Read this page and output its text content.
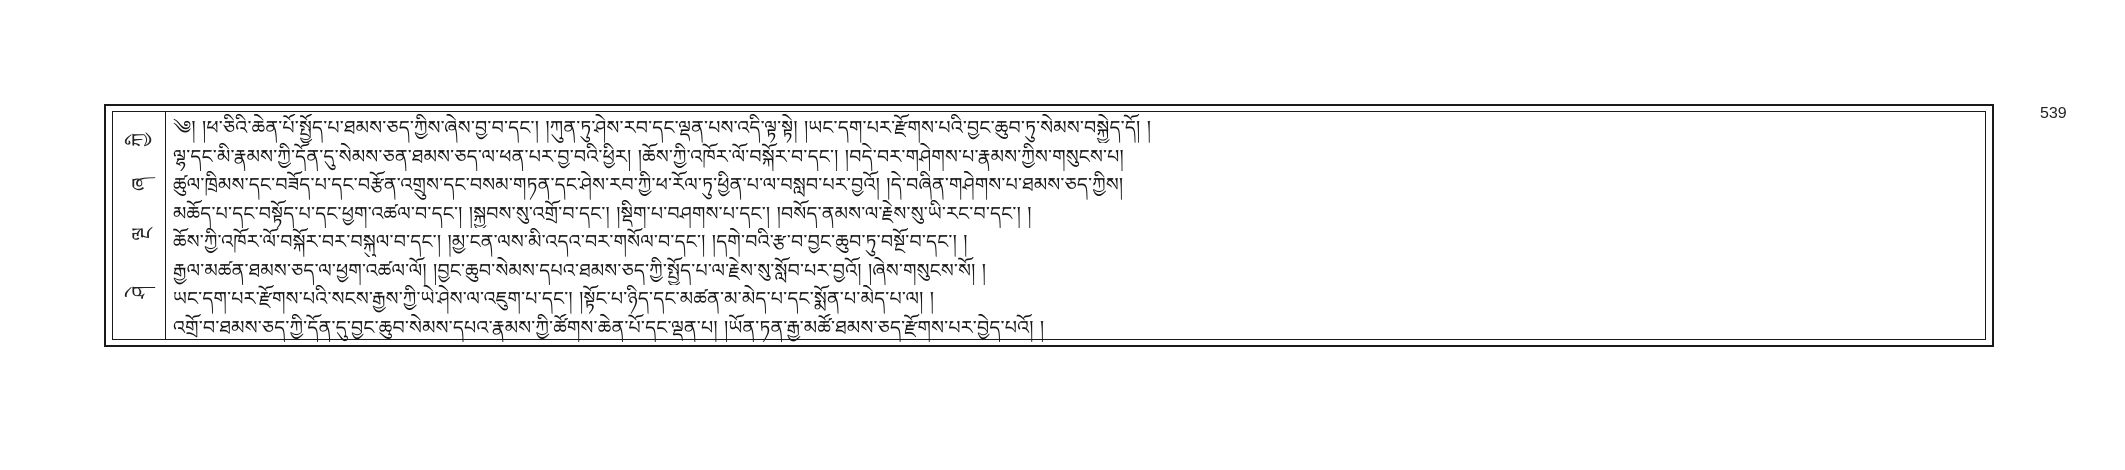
ཀྱི
ཞ
ལྔ
ཤེ
༄། །ཕ་ཅིའི་ཆེན་པོ་སྤྱོད་པ་ཐམས་ཅད་ཀྱིས་ཞེས་བྱ་བ་དང་། །ཀུན་ཏུ་ཤེས་རབ་དང་ལྡན་པས་འདི་ལྟ་སྟེ། །ཡང་དག་པར་རྫོགས་པའི་བྱང་ཆུབ་ཏུ་སེམས་བསྐྱེད་དོ། །
ལྷ་དང་མི་རྣམས་ཀྱི་དོན་དུ་སེམས་ཅན་ཐམས་ཅད་ལ་ཕན་པར་བྱ་བའི་ཕྱིར། །ཆོས་ཀྱི་འཁོར་ལོ་བསྐོར་བ་དང་། །བདེ་བར་གཤེགས་པ་རྣམས་ཀྱིས་གསུངས་པ།
ཚུལ་ཁྲིམས་དང་བཟོད་པ་དང་བརྩོན་འགྲུས་དང་བསམ་གཏན་དང་ཤེས་རབ་ཀྱི་ཕ་རོལ་ཏུ་ཕྱིན་པ་ལ་བསླབ་པར་བྱའོ། །དེ་བཞིན་གཤེགས་པ་ཐམས་ཅད་ཀྱིས།
མཆོད་པ་དང་བསྟོད་པ་དང་ཕྱག་འཚལ་བ་དང་། །སྐྱབས་སུ་འགྲོ་བ་དང་། །སྡིག་པ་བཤགས་པ་དང་། །བསོད་ནམས་ལ་རྗེས་སུ་ཡི་རང་བ་དང་། །
ཆོས་ཀྱི་འཁོར་ལོ་བསྐོར་བར་བསྐུལ་བ་དང་། །མྱ་ངན་ལས་མི་འདའ་བར་གསོལ་བ་དང་། །དགེ་བའི་རྩ་བ་བྱང་ཆུབ་ཏུ་བསྔོ་བ་དང་། །
རྒྱལ་མཚན་ཐམས་ཅད་ལ་ཕྱག་འཚལ་ལོ། །བྱང་ཆུབ་སེམས་དཔའ་ཐམས་ཅད་ཀྱི་སྤྱོད་པ་ལ་རྗེས་སུ་སློབ་པར་བྱའོ། །ཞེས་གསུངས་སོ། །
ཡང་དག་པར་རྫོགས་པའི་སངས་རྒྱས་ཀྱི་ཡེ་ཤེས་ལ་འཇུག་པ་དང་། །སྟོང་པ་ཉིད་དང་མཚན་མ་མེད་པ་དང་སྨོན་པ་མེད་པ་ལ། །
འགྲོ་བ་ཐམས་ཅད་ཀྱི་དོན་དུ་བྱང་ཆུབ་སེམས་དཔའ་རྣམས་ཀྱི་ཚོགས་ཆེན་པོ་དང་ལྡན་པ། །ཡོན་ཏན་རྒྱ་མཚོ་ཐམས་ཅད་རྫོགས་པར་བྱེད་པའོ། །
539
